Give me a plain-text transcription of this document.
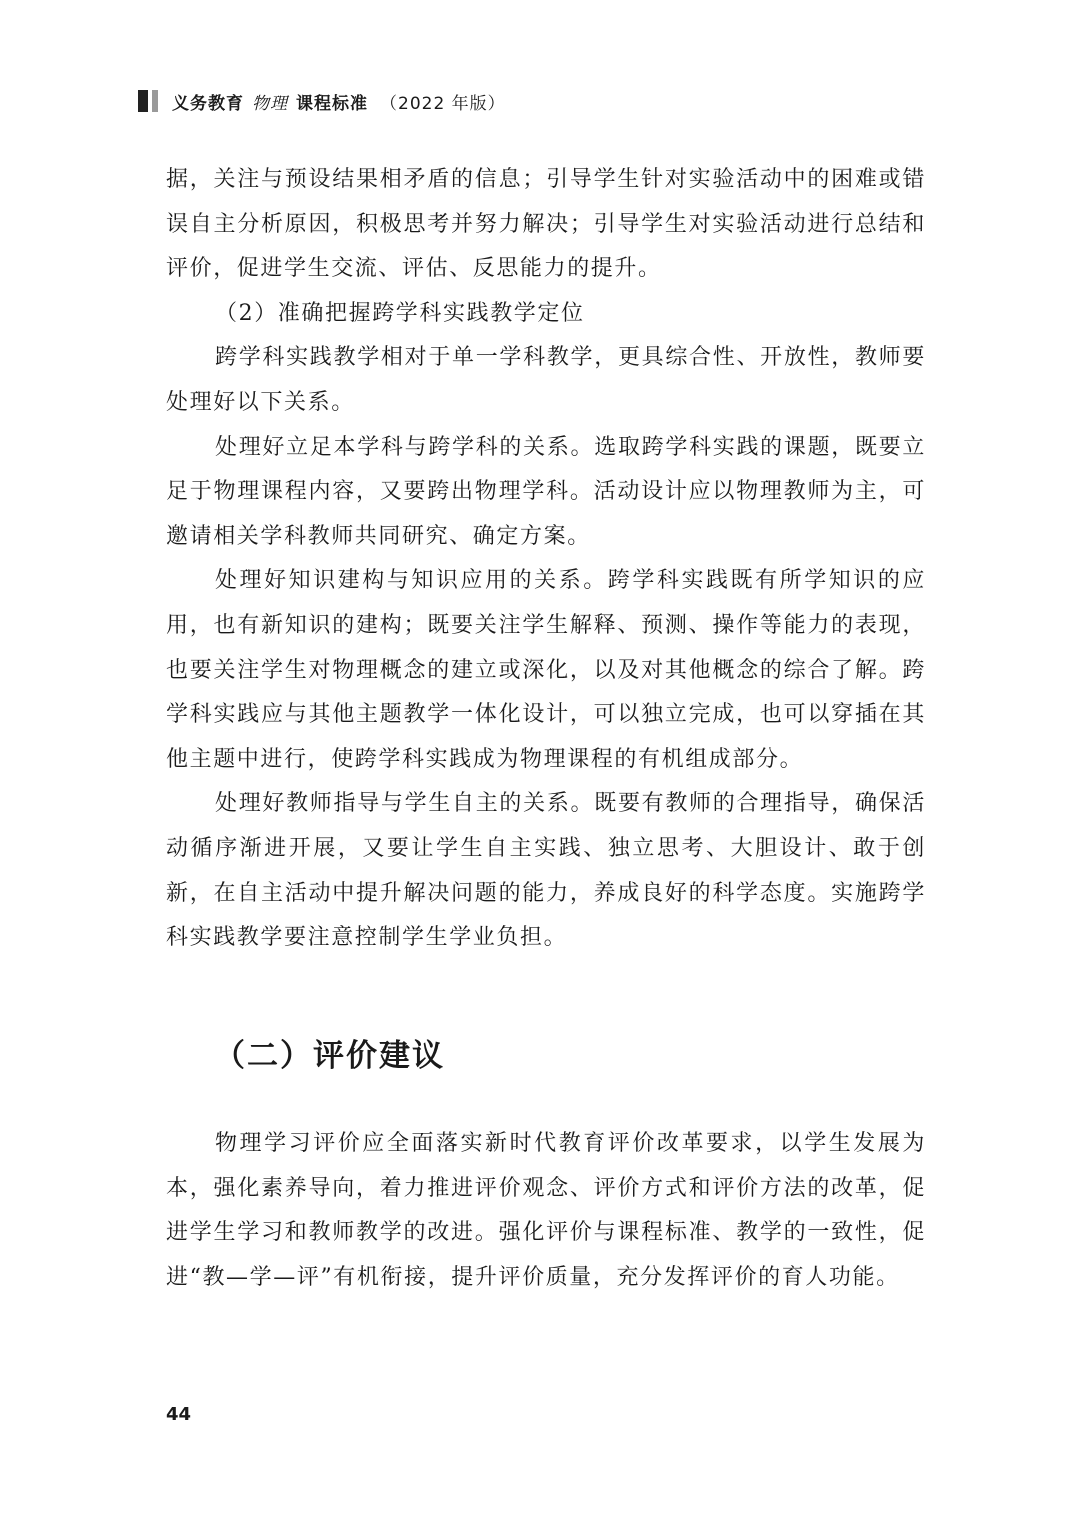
义务教育 物理 课程标准 （2022 年版）

据，关注与预设结果相矛盾的信息；引导学生针对实验活动中的困难或错误自主分析原因，积极思考并努力解决；引导学生对实验活动进行总结和评价，促进学生交流、评估、反思能力的提升。

（2）准确把握跨学科实践教学定位

跨学科实践教学相对于单一学科教学，更具综合性、开放性，教师要处理好以下关系。

处理好立足本学科与跨学科的关系。选取跨学科实践的课题，既要立足于物理课程内容，又要跨出物理学科。活动设计应以物理教师为主，可邀请相关学科教师共同研究、确定方案。

处理好知识建构与知识应用的关系。跨学科实践既有所学知识的应用，也有新知识的建构；既要关注学生解释、预测、操作等能力的表现，也要关注学生对物理概念的建立或深化，以及对其他概念的综合了解。跨学科实践应与其他主题教学一体化设计，可以独立完成，也可以穿插在其他主题中进行，使跨学科实践成为物理课程的有机组成部分。

处理好教师指导与学生自主的关系。既要有教师的合理指导，确保活动循序渐进开展，又要让学生自主实践、独立思考、大胆设计、敢于创新，在自主活动中提升解决问题的能力，养成良好的科学态度。实施跨学科实践教学要注意控制学生学业负担。

（二）评价建议

物理学习评价应全面落实新时代教育评价改革要求，以学生发展为本，强化素养导向，着力推进评价观念、评价方式和评价方法的改革，促进学生学习和教师教学的改进。强化评价与课程标准、教学的一致性，促进“教—学—评”有机衔接，提升评价质量，充分发挥评价的育人功能。

44
